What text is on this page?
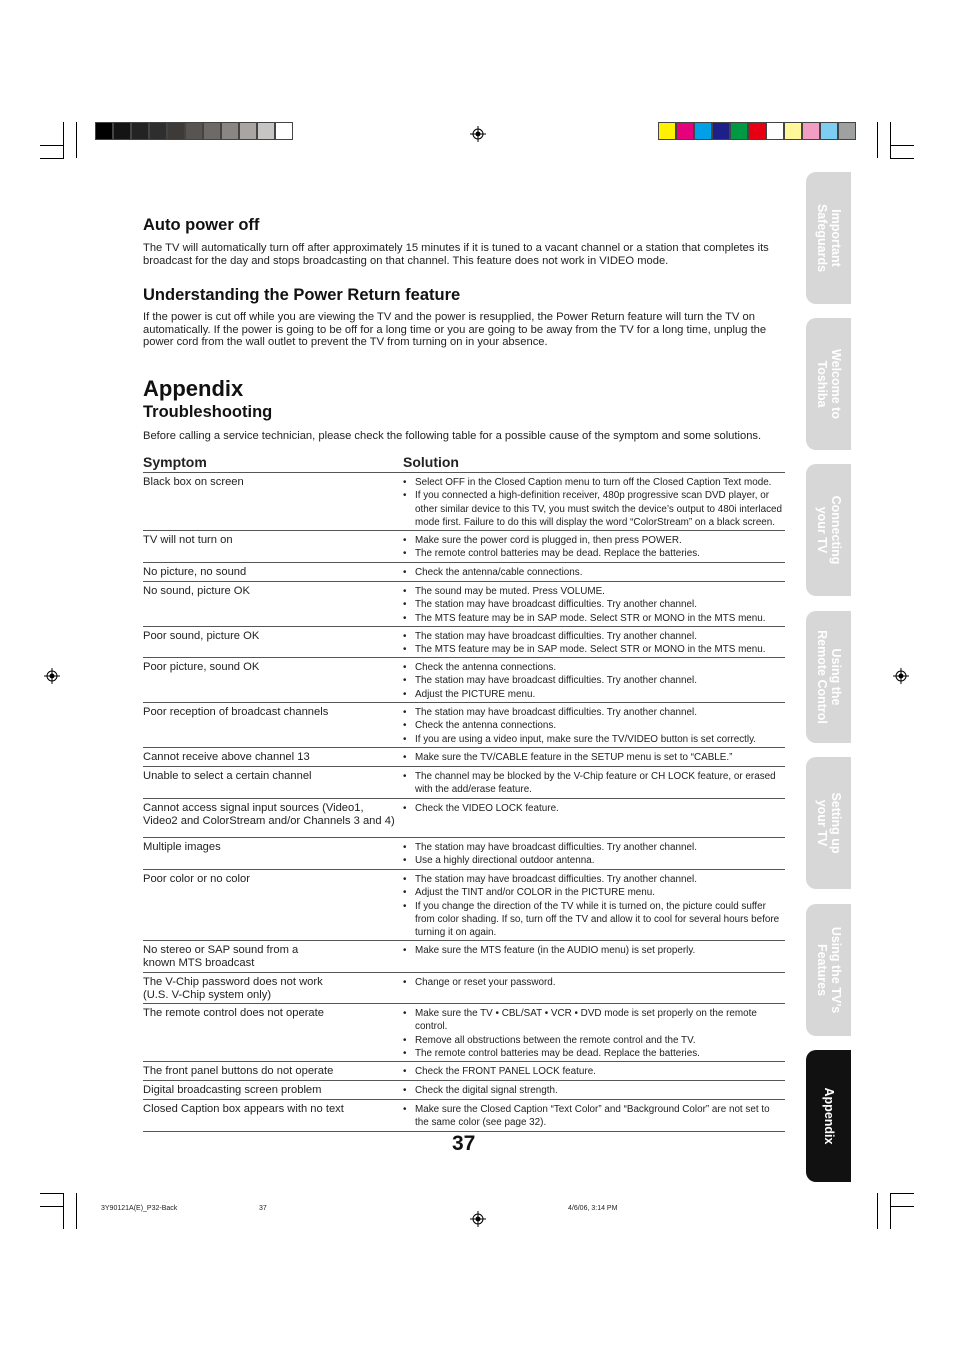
Auto power off

The TV will automatically turn off after approximately 15 minutes if it is tuned to a vacant channel or a station that completes its broadcast for the day and stops broadcasting on that channel. This feature does not work in VIDEO mode.

Understanding the Power Return feature

If the power is cut off while you are viewing the TV and the power is resupplied, the Power Return feature will turn the TV on automatically. If the power is going to be off for a long time or you are going to be away from the TV for a long time, unplug the power cord from the wall outlet to prevent the TV from turning on in your absence.

Appendix
Troubleshooting

Before calling a service technician, please check the following table for a possible cause of the symptom and some solutions.

Symptom	Solution
Black box on screen	• Select OFF in the Closed Caption menu to turn off the Closed Caption Text mode.
• If you connected a high-definition receiver, 480p progressive scan DVD player, or other similar device to this TV, you must switch the device’s output to 480i interlaced mode first. Failure to do this will display the word “ColorStream” on a black screen.
TV will not turn on	• Make sure the power cord is plugged in, then press POWER.
• The remote control batteries may be dead. Replace the batteries.
No picture, no sound	• Check the antenna/cable connections.
No sound, picture OK	• The sound may be muted. Press VOLUME.
• The station may have broadcast difficulties. Try another channel.
• The MTS feature may be in SAP mode. Select STR or MONO in the MTS menu.
Poor sound, picture OK	• The station may have broadcast difficulties. Try another channel.
• The MTS feature may be in SAP mode. Select STR or MONO in the MTS menu.
Poor picture, sound OK	• Check the antenna connections.
• The station may have broadcast difficulties. Try another channel.
• Adjust the PICTURE menu.
Poor reception of broadcast channels	• The station may have broadcast difficulties. Try another channel.
• Check the antenna connections.
• If you are using a video input, make sure the TV/VIDEO button is set correctly.
Cannot receive above channel 13	• Make sure the TV/CABLE feature in the SETUP menu is set to “CABLE.”
Unable to select a certain channel	• The channel may be blocked by the V-Chip feature or CH LOCK feature, or erased with the add/erase feature.
Cannot access signal input sources (Video1,
Video2 and ColorStream and/or Channels 3 and 4)
• Check the VIDEO LOCK feature.
Multiple images	• The station may have broadcast difficulties. Try another channel.
• Use a highly directional outdoor antenna.
Poor color or no color	• The station may have broadcast difficulties. Try another channel.
• Adjust the TINT and/or COLOR in the PICTURE menu.
• If you change the direction of the TV while it is turned on, the picture could suffer from color shading. If so, turn off the TV and allow it to cool for several hours before turning it on again.
No stereo or SAP sound from a
known MTS broadcast
• Make sure the MTS feature (in the AUDIO menu) is set properly.
The V-Chip password does not work
(U.S. V-Chip system only)
• Change or reset your password.
The remote control does not operate	• Make sure the TV • CBL/SAT • VCR • DVD mode is set properly on the remote control.
• Remove all obstructions between the remote control and the TV.
• The remote control batteries may be dead. Replace the batteries.
The front panel buttons do not operate	• Check the FRONT PANEL LOCK feature.
Digital broadcasting screen problem	• Check the digital signal strength.
Closed Caption box appears with no text	• Make sure the Closed Caption “Text Color” and “Background Color” are not set to the same color (see page 32).
Important
Safeguards
Welcome to
Toshiba
Connecting
your TV
Using the
Remote Control
Setting up
your TV
Using the TV’s
Features
Appendix
37
3Y90121A(E)_P32-Back	37	4/6/06, 3:14 PM
